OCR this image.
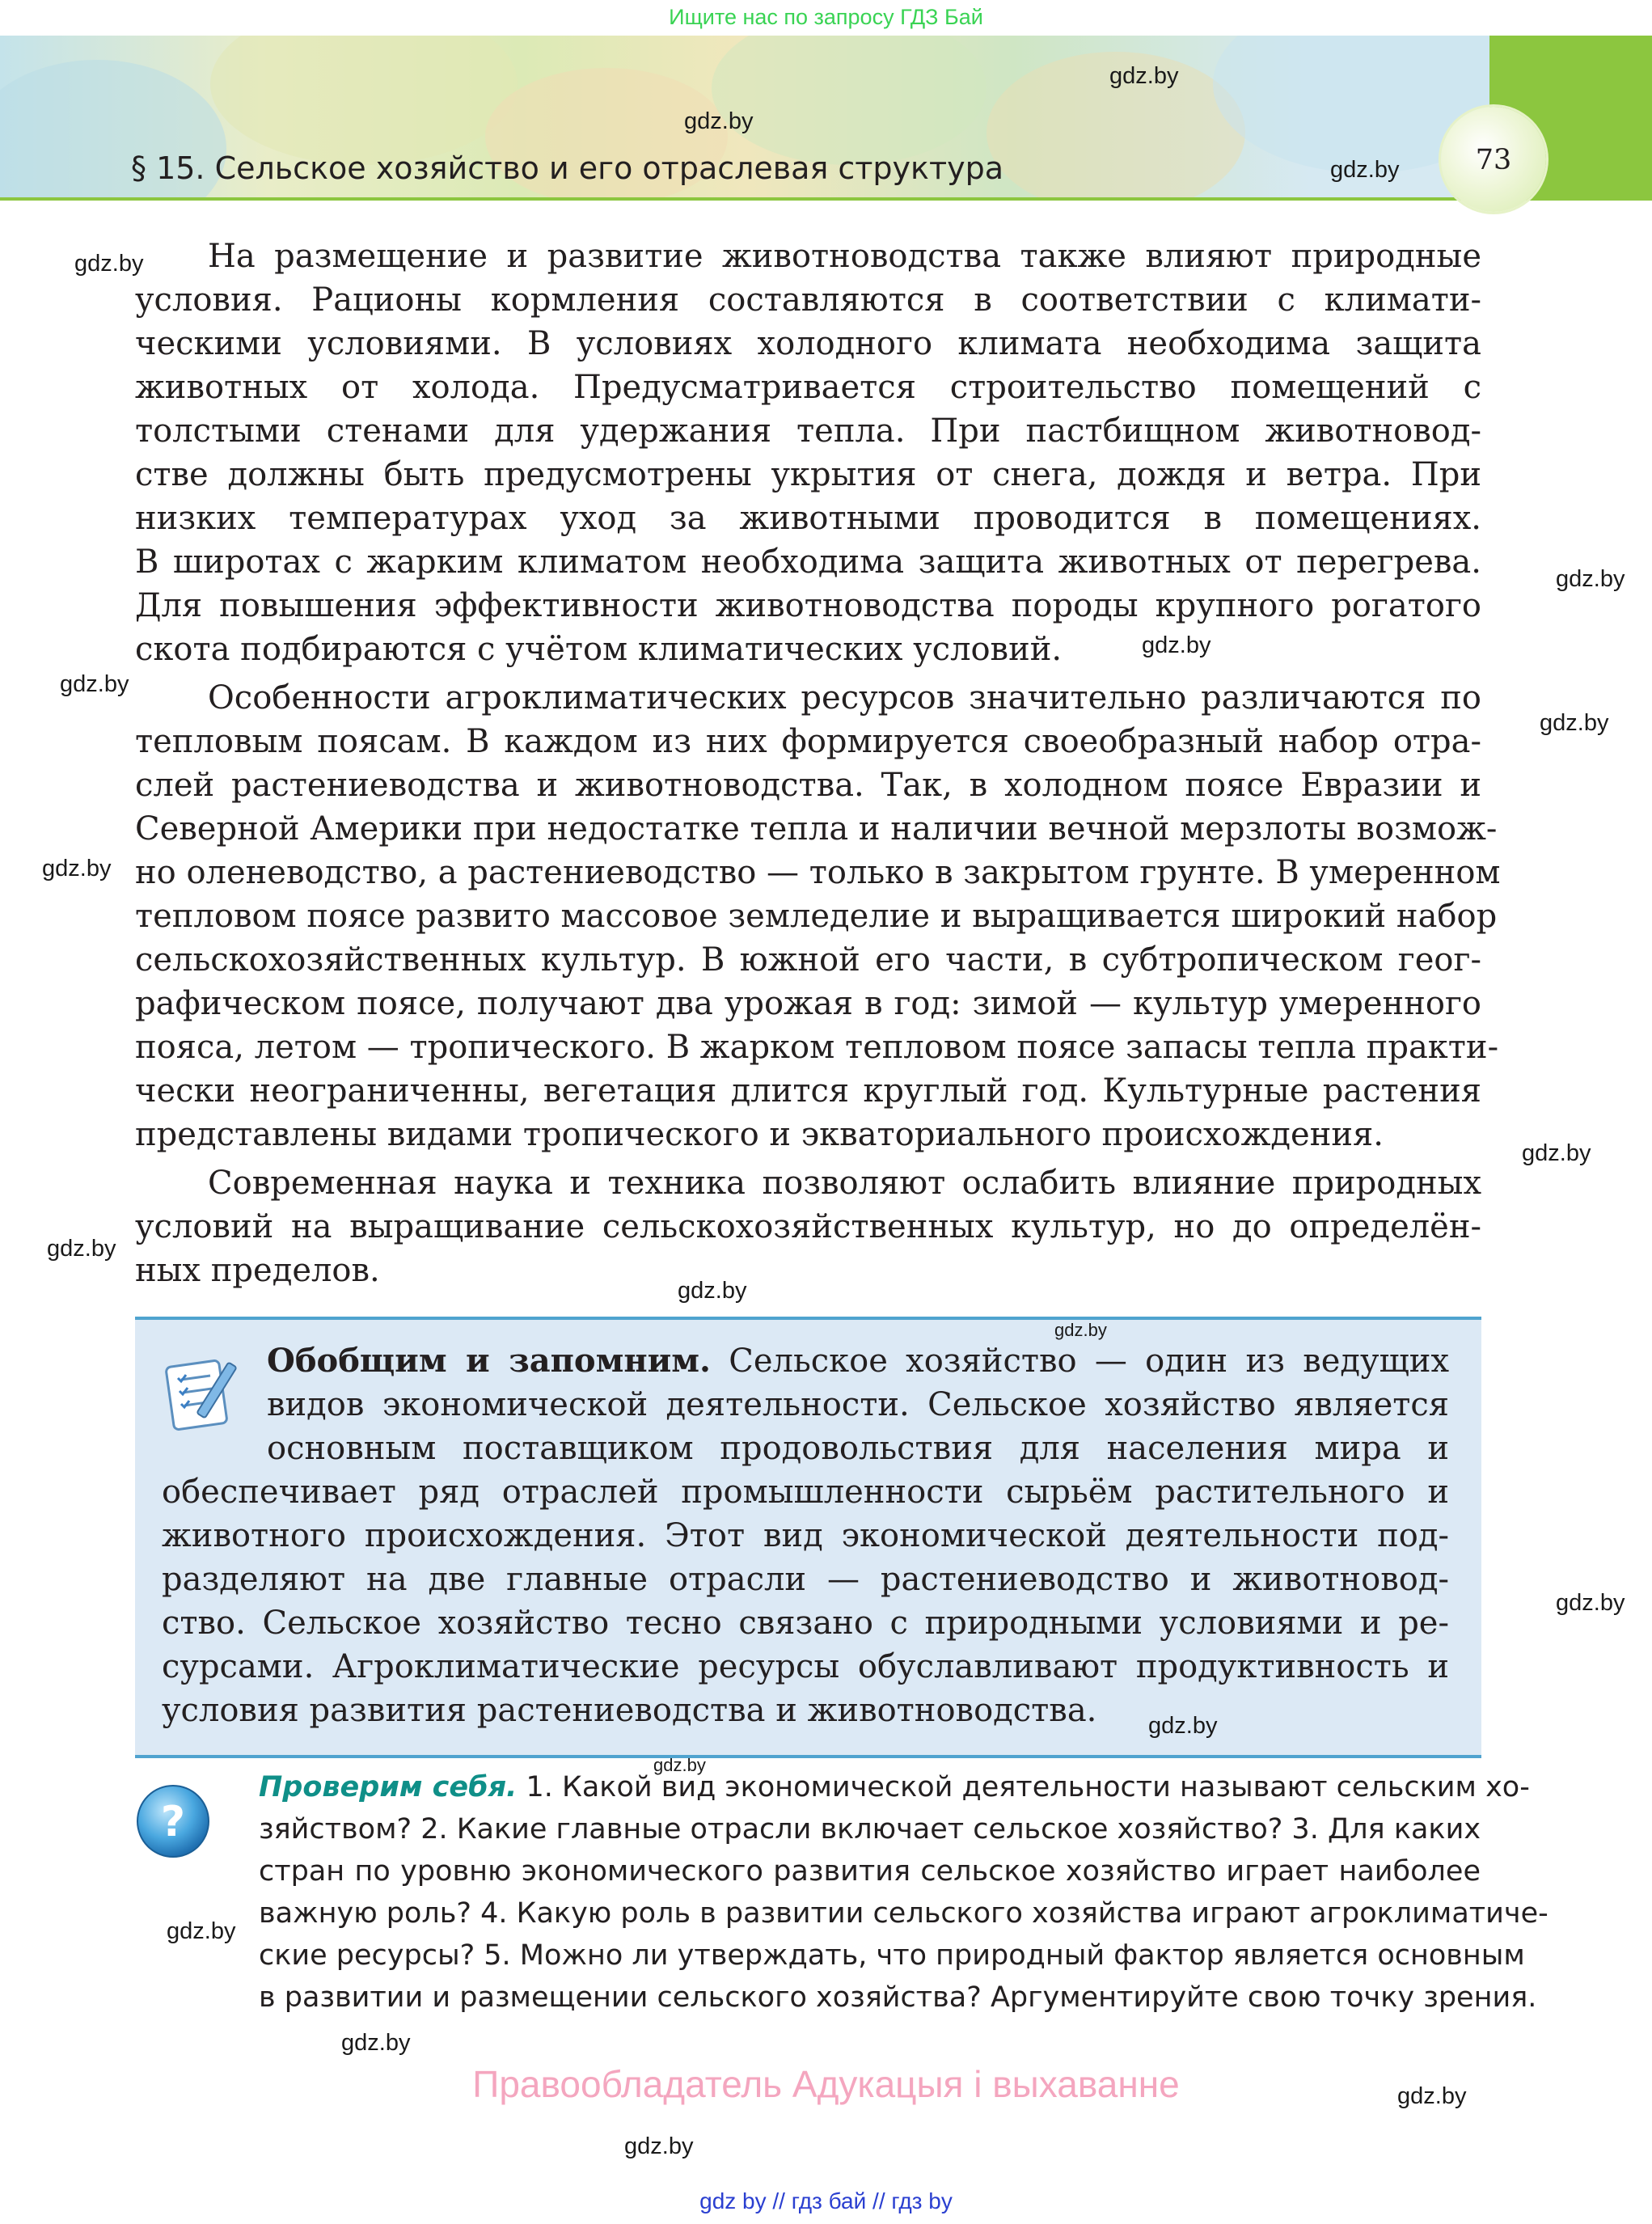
Ищите нас по запросу ГДЗ Бай
73
§ 15. Сельское хозяйство и его отраслевая структура
На размещение и развитие животноводства также влияют природные
условия. Рационы кормления составляются в соответствии с климати-
ческими условиями. В условиях холодного климата необходима защита
животных от холода. Предусматривается строительство помещений с
толстыми стенами для удержания тепла. При пастбищном животновод-
стве должны быть предусмотрены укрытия от снега, дождя и ветра. При
низких температурах уход за животными проводится в помещениях.
В широтах с жарким климатом необходима защита животных от перегрева.
Для повышения эффективности животноводства породы крупного рогатого
скота подбираются с учётом климатических условий.
Особенности агроклиматических ресурсов значительно различаются по
тепловым поясам. В каждом из них формируется своеобразный набор отра-
слей растениеводства и животноводства. Так, в холодном поясе Евразии и
Северной Америки при недостатке тепла и наличии вечной мерзлоты возмож-
но оленеводство, а растениеводство — только в закрытом грунте. В умеренном
тепловом поясе развито массовое земледелие и выращивается широкий набор
сельскохозяйственных культур. В южной его части, в субтропическом геог-
рафическом поясе, получают два урожая в год: зимой — культур умеренного
пояса, летом — тропического. В жарком тепловом поясе запасы тепла практи-
чески неограниченны, вегетация длится круглый год. Культурные растения
представлены видами тропического и экваториального происхождения.
Современная наука и техника позволяют ослабить влияние природных
условий на выращивание сельскохозяйственных культур, но до определён-
ных пределов.
Обобщим и запомним. Сельское хозяйство — один из ведущих
видов экономической деятельности. Сельское хозяйство является
основным поставщиком продовольствия для населения мира и
обеспечивает ряд отраслей промышленности сырьём растительного и
животного происхождения. Этот вид экономической деятельности под-
разделяют на две главные отрасли — растениеводство и животновод-
ство. Сельское хозяйство тесно связано с природными условиями и ре-
сурсами. Агроклиматические ресурсы обуславливают продуктивность и
условия развития растениеводства и животноводства.
?
Проверим себя. 1. Какой вид экономической деятельности называют сельским хо-
зяйством? 2. Какие главные отрасли включает сельское хозяйство? 3. Для каких
стран по уровню экономического развития сельское хозяйство играет наиболее
важную роль? 4. Какую роль в развитии сельского хозяйства играют агроклиматиче-
ские ресурсы? 5. Можно ли утверждать, что природный фактор является основным
в развитии и размещении сельского хозяйства? Аргументируйте свою точку зрения.
Правообладатель Адукацыя і выхаванне
gdz by // гдз бай // гдз by
gdz.by
gdz.by
gdz.by
gdz.by
gdz.by
gdz.by
gdz.by
gdz.by
gdz.by
gdz.by
gdz.by
gdz.by
gdz.by
gdz.by
gdz.by
gdz.by
gdz.by
gdz.by
gdz.by
gdz.by
